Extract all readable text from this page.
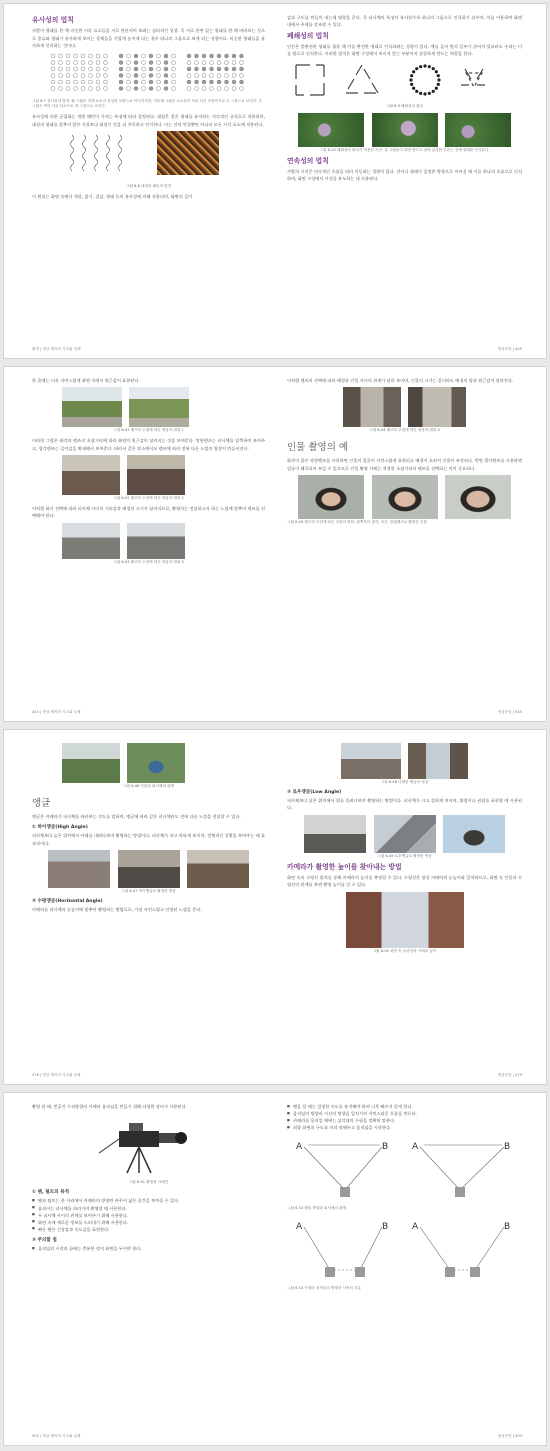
유사성의 법칙

사람이 형태를 한 채 비슷한 시각 요소들을 서로 연관지어 보려는 심리적인 성향. 즉 서로 관련 있는 형태를 한 채 바라보는 것으로 종류와 형태가 유사하게 보이는 물체들을 가깝게 놓이게 되는 경우 하나의 그룹으로 보게 되는 성향이다. 비슷한 형태들을 유사하게 인지하는 것이다.

그림 6-7 유사성의 법칙: 좌 그림은 전체 요소가 동일한 모양으로 여겨지지만, 가운데 그림은 요소들이 서로 다른 모양이므로 두 그룹으로 보인다. 우 그림은 색이 서로 다르므로 세 그룹으로 보인다.

유사성에 의한 군집화는 개별 패턴이 가지는 특징에 따라 결정된다. 대칭은 좋은 형태를 유지하는 지각적인 규칙으로 작용하며, 대칭의 형태를 갖추지 않은 사물보다 대칭인 것을 더 주목하고 인지한다. 이는 선의 연결뿐만 아니라 모든 시각 요소에 적용된다.

그림 6-8 대칭과 패턴의 법칙

이 원리는 화면 속에서 색상, 밝기, 질감, 형태 등의 유사성에 의해 적용되며, 화면의 깊이

촬영 | 영상 제작의 기초와 실제

감과 구도를 만들어 내는데 영향을 준다. 즉 피사체의 특징이 유사할수록 하나의 그룹으로 인식하기 쉬우며, 이를 이용하여 화면 내에서 주제를 강조할 수 있다.

폐쇄성의 법칙

인간은 불완전한 형태를 접할 때 이를 완전한 형태로 인식하려는 경향이 있다. 예를 들어 원의 일부가 끊어져 있더라도 우리는 이를 원으로 인식한다. 이러한 법칙은 화면 구성에서 보이지 않는 부분까지 상상하게 만드는 역할을 한다.

그림 6-9 폐쇄성의 원리

그림 6-10 폐쇄성의 원리가 적용된 사진: 꽃 그림들이 화면 밖으로 잘려 있지만 우리는 전체 형태를 인식한다.

연속성의 법칙

사람의 시선은 연속적인 흐름을 따라 이동하는 경향이 있다. 선이나 형태가 일정한 방향으로 이어질 때 이를 하나의 흐름으로 인식하며, 화면 구성에서 시선을 유도하는 데 사용된다.

영상문법 | 409

한 줄에는 더욱 자연스럽게 화면 속에서 원근감이 표현된다.

그림 6-41 렌즈의 초점에 따른 영상의 변화 1

이러한 그림은 화각과 렌즈의 초점거리에 따라 화면의 원근감이 달라지는 것을 보여준다. 망원렌즈는 피사체를 압축하여 보여주고, 광각렌즈는 깊이감을 확대해서 보여준다. 따라서 같은 장소에서도 렌즈에 따라 전혀 다른 느낌의 영상이 만들어진다.

그림 6-42 렌즈의 초점에 따른 영상의 변화 2

이처럼 화각 선택에 따라 피사체 사이의 거리감과 배경의 크기가 달라지므로, 촬영자는 전달하고자 하는 느낌에 맞추어 렌즈를 선택해야 한다.

그림 6-43 렌즈의 초점에 따른 영상의 변화 3

444 | 영상 제작의 기초와 실제

이처럼 렌즈의 선택에 따라 배경과 인물 사이의 관계가 달라 보이며, 인물의 크기는 같더라도 배경의 양과 원근감이 달라진다.

그림 6-44 렌즈의 초점에 따른 영상의 변화 4

인물 촬영의 예

화각이 좁은 망원렌즈를 사용하면 인물의 얼굴이 자연스럽게 표현되고 배경이 흐려져 인물이 부각된다. 반면 광각렌즈를 사용하면 얼굴이 왜곡되어 보일 수 있으므로 인물 촬영 시에는 적절한 초점거리의 렌즈를 선택하는 것이 중요하다.

그림 6-45 렌즈의 초점에 따른 인물의 변화: 왼쪽부터 광각, 표준, 망원렌즈로 촬영한 인물

영상문법 | 445

그림 6-46 인물과 피사체의 관계

앵글

앵글은 카메라가 피사체를 바라보는 각도를 말하며, 앵글에 따라 같은 피사체라도 전혀 다른 느낌을 전달할 수 있다.

① 하이앵글(High Angle)

피사체보다 높은 위치에서 아래를 내려다보며 촬영하는 방법이다. 피사체가 작고 약하게 보이며, 전체적인 상황을 보여주는 데 효과적이다.

그림 6-47 하이앵글로 촬영한 영상

② 수평앵글(Horizontal Angle)

카메라를 피사체의 눈높이에 맞추어 촬영하는 방법으로, 가장 자연스럽고 안정된 느낌을 준다.

478 | 영상 제작의 기초와 실제

그림 6-48 다양한 앵글의 영상

③ 로우앵글(Low Angle)

피사체보다 낮은 위치에서 위를 올려다보며 촬영하는 방법이다. 피사체가 크고 강하게 보이며, 위엄이나 권위를 표현할 때 사용된다.

그림 6-49 로우앵글로 촬영한 영상

카메라가 촬영한 높이를 찾아내는 방법

화면 속의 수평선 위치를 통해 카메라의 높이를 추정할 수 있다. 수평선은 항상 카메라의 눈높이와 일치하므로, 화면 속 인물과 수평선의 관계를 보면 촬영 높이를 알 수 있다.

그림 6-50 화면 속 수평선과 카메라 높이

영상문법 | 479

촬영 할 때, 빈공간 수직방향의 카메라 움직임을 만들기 위해 다양한 장비가 사용된다.

그림 6-51 촬영용 크레인

① 팬, 틸트의 목적
■ 팬과 틸트는 한 자리에서 카메라의 방향만 바꾸어 넓은 공간을 보여줄 수 있다.
■ 움직이는 피사체를 따라가며 촬영할 때 사용한다.
■ 두 피사체 사이의 관계를 보여주기 위해 사용한다.
■ 화면 속에 새로운 정보를 드러내기 위해 사용한다.
■ 빠른 팬은 긴장감과 속도감을 표현한다.
② 주의할 점
■ 움직임의 시작과 끝에는 충분한 정지 화면을 두어야 한다.
502 | 영상 제작의 기초와 실제
■ 팬을 할 때는 일정한 속도를 유지해야 하며 너무 빠르지 않게 한다.
■ 움직임의 방향과 시선의 방향을 일치시켜 자연스러운 흐름을 만든다.
■ 카메라를 움직일 때에는 삼각대의 수평을 정확히 맞춘다.
■ 최종 화면의 구도를 미리 정해두고 움직임을 시작한다.
A	B	A	B

그림 6-52 팬의 방향과 피사체의 관계

A	B	A	B

그림 6-53 카메라 움직임의 방향과 시선의 흐름

영상문법 | 503
